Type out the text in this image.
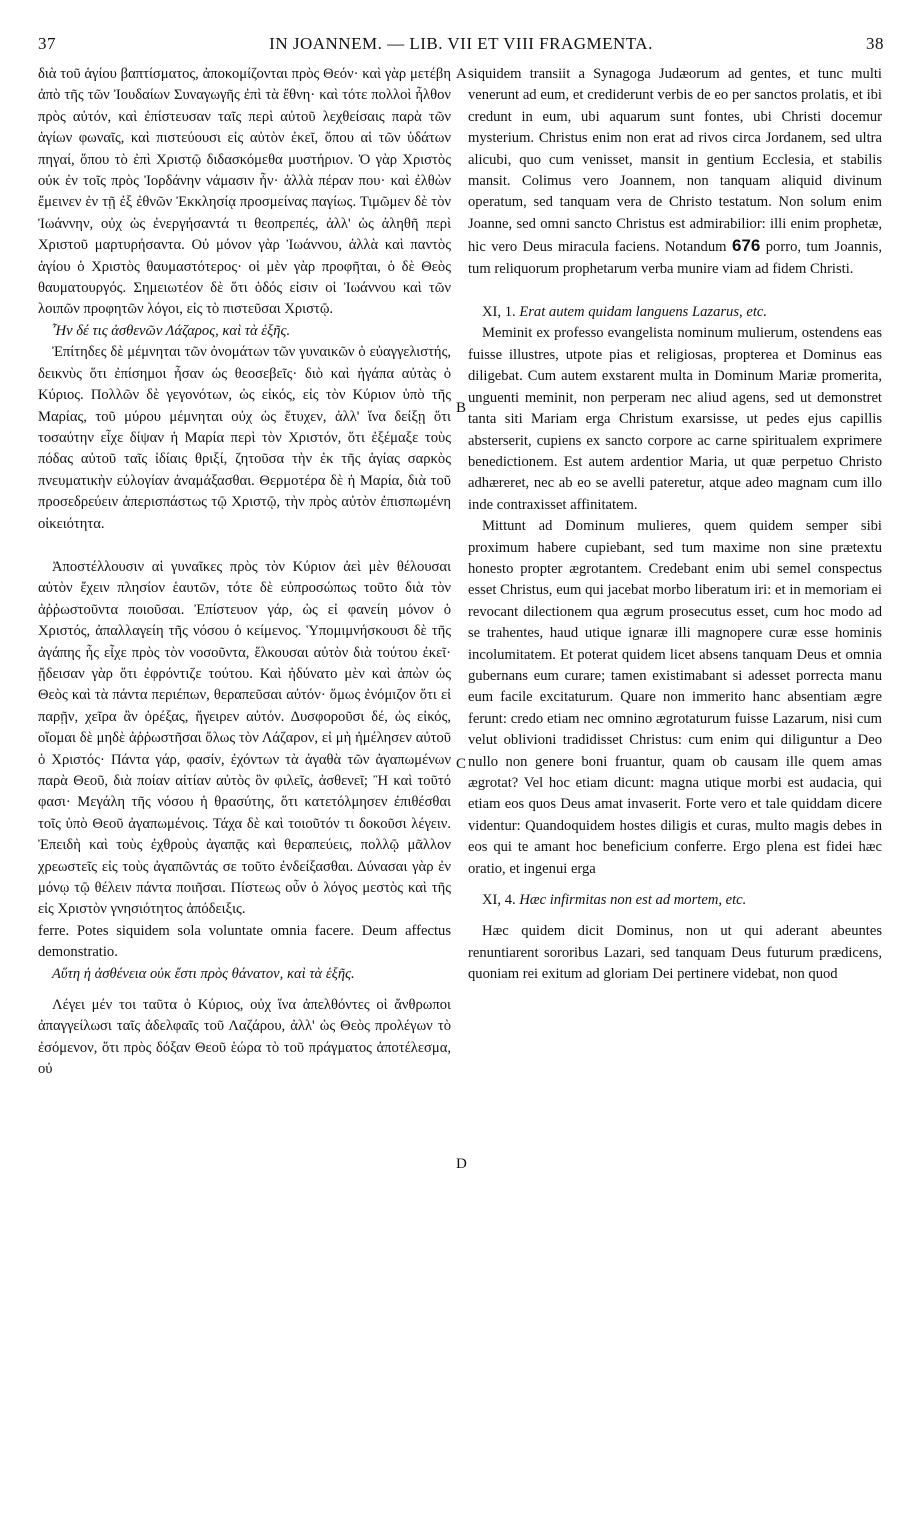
37	IN JOANNEM. — LIB. VII ET VIII FRAGMENTA.	38
A
B
C
D

διὰ τοῦ ἁγίου βαπτίσματος, ἀποκομίζονται πρὸς Θεόν· καὶ γὰρ μετέβη ἀπὸ τῆς τῶν Ἰουδαίων Συναγωγῆς ἐπὶ τὰ ἔθνη· καὶ τότε πολλοὶ ἦλθον πρὸς αὐτόν, καὶ ἐπίστευσαν ταῖς περὶ αὐτοῦ λεχθείσαις παρὰ τῶν ἁγίων φωναῖς, καὶ πιστεύουσι εἰς αὐτὸν ἐκεῖ, ὅπου αἱ τῶν ὑδάτων πηγαί, ὅπου τὸ ἐπὶ Χριστῷ διδασκόμεθα μυστήριον. Ὁ γὰρ Χριστὸς οὐκ ἐν τοῖς πρὸς Ἰορδάνην νάμασιν ἦν· ἀλλὰ πέραν που· καὶ ἐλθὼν ἔμεινεν ἐν τῇ ἐξ ἐθνῶν Ἐκκλησίᾳ προσμείνας παγίως. Τιμῶμεν δὲ τὸν Ἰωάννην, οὐχ ὡς ἐνεργήσαντά τι θεοπρεπές, ἀλλ' ὡς ἀληθῆ περὶ Χριστοῦ μαρτυρήσαντα. Οὐ μόνον γὰρ Ἰωάννου, ἀλλὰ καὶ παντὸς ἁγίου ὁ Χριστὸς θαυμαστότερος· οἱ μὲν γὰρ προφῆται, ὁ δὲ Θεὸς θαυματουργός. Σημειωτέον δὲ ὅτι ὁδός εἰσιν οἱ Ἰωάννου καὶ τῶν λοιπῶν προφητῶν λόγοι, εἰς τὸ πιστεῦσαι Χριστῷ.

Ἦν δέ τις ἀσθενῶν Λάζαρος, καὶ τὰ ἑξῆς.

Ἐπίτηδες δὲ μέμνηται τῶν ὀνομάτων τῶν γυναικῶν ὁ εὐαγγελιστής, δεικνὺς ὅτι ἐπίσημοι ἦσαν ὡς θεοσεβεῖς· διὸ καὶ ἠγάπα αὐτὰς ὁ Κύριος. Πολλῶν δὲ γεγονότων, ὡς εἰκός, εἰς τὸν Κύριον ὑπὸ τῆς Μαρίας, τοῦ μύρου μέμνηται οὐχ ὡς ἔτυχεν, ἀλλ' ἵνα δείξῃ ὅτι τοσαύτην εἶχε δίψαν ἡ Μαρία περὶ τὸν Χριστόν, ὅτι ἐξέμαξε τοὺς πόδας αὐτοῦ ταῖς ἰδίαις θριξί, ζητοῦσα τὴν ἐκ τῆς ἁγίας σαρκὸς πνευματικὴν εὐλογίαν ἀναμάξασθαι. Θερμοτέρα δὲ ἡ Μαρία, διὰ τοῦ προσεδρεύειν ἀπερισπάστως τῷ Χριστῷ, τὴν πρὸς αὐτὸν ἐπισπωμένη οἰκειότητα.

Ἀποστέλλουσιν αἱ γυναῖκες πρὸς τὸν Κύριον ἀεὶ μὲν θέλουσαι αὐτὸν ἔχειν πλησίον ἑαυτῶν, τότε δὲ εὐπροσώπως τοῦτο διὰ τὸν ἀῤῥωστοῦντα ποιοῦσαι. Ἐπίστευον γάρ, ὡς εἰ φανείη μόνον ὁ Χριστός, ἀπαλλαγείη τῆς νόσου ὁ κείμενος. Ὑπομιμνήσκουσι δὲ τῆς ἀγάπης ἧς εἶχε πρὸς τὸν νοσοῦντα, ἕλκουσαι αὐτὸν διὰ τούτου ἐκεῖ· ᾔδεισαν γὰρ ὅτι ἐφρόντιζε τούτου. Καὶ ἠδύνατο μὲν καὶ ἀπὼν ὡς Θεὸς καὶ τὰ πάντα περιέπων, θεραπεῦσαι αὐτόν· ὅμως ἐνόμιζον ὅτι εἰ παρῇν, χεῖρα ἂν ὀρέξας, ἤγειρεν αὐτόν. Δυσφοροῦσι δέ, ὡς εἰκός, οἴομαι δὲ μηδὲ ἀῤῥωστῆσαι ὅλως τὸν Λάζαρον, εἰ μὴ ἠμέλησεν αὐτοῦ ὁ Χριστός· Πάντα γάρ, φασίν, ἐχόντων τὰ ἀγαθὰ τῶν ἀγαπωμένων παρὰ Θεοῦ, διὰ ποίαν αἰτίαν αὐτὸς ὃν φιλεῖς, ἀσθενεῖ; Ἢ καὶ τοῦτό φασι· Μεγάλη τῆς νόσου ἡ θρασύτης, ὅτι κατετόλμησεν ἐπιθέσθαι τοῖς ὑπὸ Θεοῦ ἀγαπωμένοις. Τάχα δὲ καὶ τοιοῦτόν τι δοκοῦσι λέγειν. Ἐπειδὴ καὶ τοὺς ἐχθροὺς ἀγαπᾷς καὶ θεραπεύεις, πολλῷ μᾶλλον χρεωστεῖς εἰς τοὺς ἀγαπῶντάς σε τοῦτο ἐνδείξασθαι. Δύνασαι γὰρ ἐν μόνῳ τῷ θέλειν πάντα ποιῆσαι. Πίστεως οὖν ὁ λόγος μεστὸς καὶ τῆς εἰς Χριστὸν γνησιότητος ἀπόδειξις.

ferre. Potes siquidem sola voluntate omnia facere. Deum affectus demonstratio.

Αὕτη ἡ ἀσθένεια οὐκ ἔστι πρὸς θάνατον, καὶ τὰ ἑξῆς.

Λέγει μέν τοι ταῦτα ὁ Κύριος, οὐχ ἵνα ἀπελθόντες οἱ ἄνθρωποι ἀπαγγείλωσι ταῖς ἀδελφαῖς τοῦ Λαζάρου, ἀλλ' ὡς Θεὸς προλέγων τὸ ἐσόμενον, ὅτι πρὸς δόξαν Θεοῦ ἑώρα τὸ τοῦ πράγματος ἀποτέλεσμα, οὐ

siquidem transiit a Synagoga Judæorum ad gentes, et tunc multi venerunt ad eum, et crediderunt verbis de eo per sanctos prolatis, et ibi credunt in eum, ubi aquarum sunt fontes, ubi Christi docemur mysterium. Christus enim non erat ad rivos circa Jordanem, sed ultra alicubi, quo cum venisset, mansit in gentium Ecclesia, et stabilis mansit. Colimus vero Joannem, non tanquam aliquid divinum operatum, sed tanquam vera de Christo testatum. Non solum enim Joanne, sed omni sancto Christus est admirabilior: illi enim prophetæ, hic vero Deus miracula faciens. Notandum 676 porro, tum Joannis, tum reliquorum prophetarum verba munire viam ad fidem Christi.

XI, 1. Erat autem quidam languens Lazarus, etc.

Meminit ex professo evangelista nominum mulierum, ostendens eas fuisse illustres, utpote pias et religiosas, propterea et Dominus eas diligebat. Cum autem exstarent multa in Dominum Mariæ promerita, unguenti meminit, non perperam nec aliud agens, sed ut demonstret tanta siti Mariam erga Christum exarsisse, ut pedes ejus capillis absterserit, cupiens ex sancto corpore ac carne spiritualem exprimere benedictionem. Est autem ardentior Maria, ut quæ perpetuo Christo adhæreret, nec ab eo se avelli pateretur, atque adeo magnam cum illo inde contraxisset affinitatem.

Mittunt ad Dominum mulieres, quem quidem semper sibi proximum habere cupiebant, sed tum maxime non sine prætextu honesto propter ægrotantem. Credebant enim ubi semel conspectus esset Christus, eum qui jacebat morbo liberatum iri: et in memoriam ei revocant dilectionem qua ægrum prosecutus esset, cum hoc modo ad se trahentes, haud utique ignaræ illi magnopere curæ esse hominis incolumitatem. Et poterat quidem licet absens tanquam Deus et omnia gubernans eum curare; tamen existimabant si adesset porrecta manu eum facile excitaturum. Quare non immerito hanc absentiam ægre ferunt: credo etiam nec omnino ægrotaturum fuisse Lazarum, nisi cum velut oblivioni tradidisset Christus: cum enim qui diliguntur a Deo nullo non genere boni fruantur, quam ob causam ille quem amas ægrotat? Vel hoc etiam dicunt: magna utique morbi est audacia, qui etiam eos quos Deus amat invaserit. Forte vero et tale quiddam dicere videntur: Quandoquidem hostes diligis et curas, multo magis debes in eos qui te amant hoc beneficium conferre. Ergo plena est fidei hæc oratio, et ingenui erga

XI, 4. Hæc infirmitas non est ad mortem, etc.

Hæc quidem dicit Dominus, non ut qui aderant abeuntes renuntiarent sororibus Lazari, sed tanquam Deus futurum prædicens, quoniam rei exitum ad gloriam Dei pertinere videbat, non quod
